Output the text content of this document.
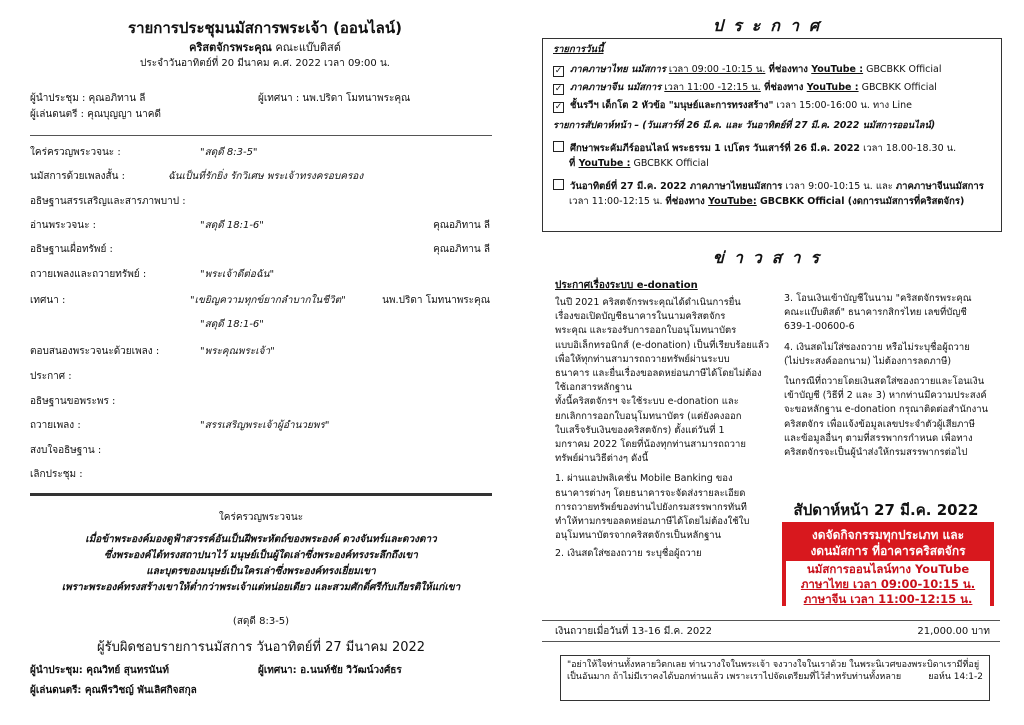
รายการประชุมนมัสการพระเจ้า (ออนไลน์)
คริสตจักรพระคุณ คณะแบ๊บติสต์
ประจำวันอาทิตย์ที่ 20 มีนาคม ค.ศ. 2022 เวลา 09:00 น.
ผู้นำประชุม : คุณอภิทาน ลี	ผู้เทศนา : นพ.ปริดา โมทนาพระคุณ
ผู้เล่นดนตรี : คุณบุญญา นาคดี
ใคร่ครวญพระวจนะ :	"สดุดี 8:3-5"
นมัสการด้วยเพลงสั้น :	ฉันเป็นที่รักยิ่ง รักวิเศษ พระเจ้าทรงครอบครอง
อธิษฐานสรรเสริญและสารภาพบาป :
อ่านพระวจนะ :	"สดุดี 18:1-6"	คุณอภิทาน ลี
อธิษฐานเผื่อทรัพย์ :	คุณอภิทาน ลี
ถวายเพลงและถวายทรัพย์ :	"พระเจ้าดีต่อฉัน"
เทศนา :	"เขยิญความทุกข์ยากลำบากในชีวิต"	นพ.ปริดา โมทนาพระคุณ
"สดุดี 18:1-6"
ตอบสนองพระวจนะด้วยเพลง :	"พระคุณพระเจ้า"
ประกาศ :
อธิษฐานขอพระพร :
ถวายเพลง :	"สรรเสริญพระเจ้าผู้อำนวยพร"
สงบใจอธิษฐาน :
เลิกประชุม :
ใคร่ครวญพระวจนะ
เมื่อข้าพระองค์มองดูฟ้าสวรรค์อันเป็นฝีพระหัตถ์ของพระองค์ ดวงจันทร์และดวงดาว
ซึ่งพระองค์ได้ทรงสถาปนาไว้ มนุษย์เป็นผู้ใดเล่าซึ่งพระองค์ทรงระลึกถึงเขา
และบุตรของมนุษย์เป็นใครเล่าซึ่งพระองค์ทรงเยี่ยมเขา
เพราะพระองค์ทรงสร้างเขาให้ต่ำกว่าพระเจ้าแต่หน่อยเดียว และสวมศักดิ์ศรีกับเกียรติให้แก่เขา
(สดุดี 8:3-5)
ผู้รับผิดชอบรายการนมัสการ วันอาทิตย์ที่ 27 มีนาคม 2022
ผู้นำประชุม: คุณวิทย์ สุนทรนันท์	ผู้เทศนา: อ.นนท์ชัย วิวัฒน์วงศ์ธร
ผู้เล่นดนตรี: คุณพีรวิชญ์ พันเลิศกิจสกุล
ประกาศ
รายการวันนี้
✓ ภาคภาษาไทย นมัสการ เวลา 09:00 -10:15 น. ที่ช่องทาง YouTube : GBCBKK Official
✓ ภาคภาษาจีน นมัสการ เวลา 11:00 -12:15 น. ที่ช่องทาง YouTube : GBCBKK Official
✓ ชั้นรวีฯ เด็กโต 2 หัวข้อ "มนุษย์และการทรงสร้าง" เวลา 15:00-16:00 น. ทาง Line
รายการสัปดาห์หน้า – (วันเสาร์ที่ 26 มี.ค. และ วันอาทิตย์ที่ 27 มี.ค. 2022 นมัสการออนไลน์)
ศึกษาพระคัมภีร์ออนไลน์ พระธรรม 1 เปโตร วันเสาร์ที่ 26 มี.ค. 2022 เวลา 18.00-18.30 น.
ที่ YouTube : GBCBKK Official
วันอาทิตย์ที่ 27 มี.ค. 2022 ภาคภาษาไทยนมัสการ เวลา 9:00-10:15 น. และ ภาคภาษาจีนนมัสการ
เวลา 11:00-12:15 น. ที่ช่องทาง YouTube: GBCBKK Official (งดการนมัสการที่คริสตจักร)
ข่าวสาร
ประกาศเรื่องระบบ e-donation
ในปี 2021 คริสตจักรพระคุณได้ดำเนินการยื่น
เรื่องขอเปิดบัญชีธนาคารในนามคริสตจักร
พระคุณ และรองรับการออกใบอนุโมทนาบัตร
แบบอิเล็กทรอนิกส์ (e-donation) เป็นที่เรียบร้อยแล้ว
เพื่อให้ทุกท่านสามารถถวายทรัพย์ผ่านระบบ
ธนาคาร และยื่นเรื่องขอลดหย่อนภาษีได้โดยไม่ต้อง
ใช้เอกสารหลักฐาน
ทั้งนี้คริสตจักรฯ จะใช้ระบบ e-donation และ
ยกเลิกการออกใบอนุโมทนาบัตร (แต่ยังคงออก
ใบเสร็จรับเงินของคริสตจักร) ตั้งแต่วันที่ 1
มกราคม 2022 โดยที่น้องทุกท่านสามารถถวาย
ทรัพย์ผ่านวิธีต่างๆ ดังนี้
1. ผ่านแอปพลิเคชั่น Mobile Banking ของ
ธนาคารต่างๆ โดยธนาคารจะจัดส่งรายละเอียด
การถวายทรัพย์ของท่านไปยังกรมสรรพากรทันที
ทำให้ทามกรขอลดหย่อนภาษีได้โดยไม่ต้องใช้ใบ
อนุโมทนาบัตรจากคริสตจักรเป็นหลักฐาน
2. เงินสดใส่ซองถวาย ระบุชื่อผู้ถวาย
3. โอนเงินเข้าบัญชีในนาม "คริสตจักรพระคุณ
คณะแบ๊บติสต์" ธนาคารกสิกรไทย เลขที่บัญชี
639-1-00600-6
4. เงินสดไม่ใส่ซองถวาย หรือไม่ระบุชื่อผู้ถวาย
(ไม่ประสงค์ออกนาม) ไม่ต้องการลดภาษี)
ในกรณีที่ถวายโดยเงินสดใส่ซองถวายและโอนเงิน
เข้าบัญชี (วิธีที่ 2 และ 3) หากท่านมีความประสงค์
จะขอหลักฐาน e-donation กรุณาติดต่อสำนักงาน
คริสตจักร เพื่อแจ้งข้อมูลเลขประจำตัวผู้เสียภาษี
และข้อมูลอื่นๆ ตามที่สรรพากรกำหนด เพื่อทาง
คริสตจักรจะเป็นผู้นำส่งให้กรมสรรพากรต่อไป
สัปดาห์หน้า 27 มี.ค. 2022
งดจัดกิจกรรมทุกประเภท และ
งดนมัสการ ที่อาคารคริสตจักร
นมัสการออนไลน์ทาง YouTube
ภาษาไทย เวลา 09:00-10:15 น.
ภาษาจีน เวลา 11:00-12:15 น.
เงินถวายเมื่อวันที่ 13-16 มี.ค. 2022	21,000.00 บาท
"อย่าให้ใจท่านทั้งหลายวิตกเลย ท่านวางใจในพระเจ้า จงวางใจในเราด้วย ในพระนิเวศของพระบิดาเรามีที่อยู่เป็นอันมาก ถ้าไม่มีเราคงได้บอกท่านแล้ว เพราะเราไปจัดเตรียมที่ไว้สำหรับท่านทั้งหลาย	ยอห์น 14:1-2
